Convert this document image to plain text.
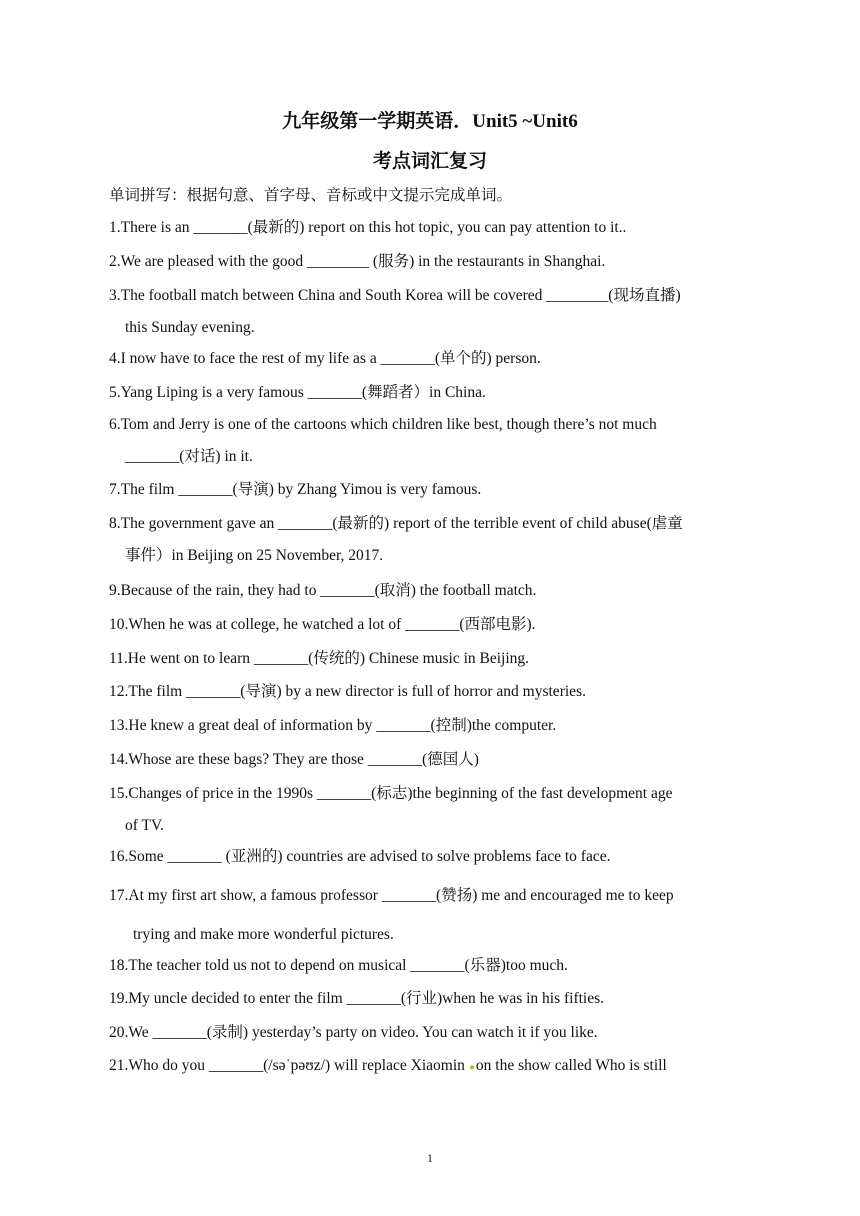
九年级第一学期英语．Unit5 ~Unit6
考点词汇复习
单词拼写：根据句意、首字母、音标或中文提示完成单词。
1.There is an _______(最新的) report on this hot topic, you can pay attention to it..
2.We are pleased with the good ________ (服务) in the restaurants in Shanghai.
3.The football match between China and South Korea will be covered ________(现场直播)
this Sunday evening.
4.I now have to face the rest of my life as a _______(单个的) person.
5.Yang Liping is a very famous _______(舞蹈者）in China.
6.Tom and Jerry is one of the cartoons which children like best, though there’s not much
_______(对话) in it.
7.The film _______(导演) by Zhang Yimou is very famous.
8.The government gave an _______(最新的) report of the terrible event of child abuse(虐童
事件）in Beijing on 25 November, 2017.
9.Because of the rain, they had to _______(取消) the football match.
10.When he was at college, he watched a lot of _______(西部电影).
11.He went on to learn _______(传统的) Chinese music in Beijing.
12.The film _______(导演) by a new director is full of horror and mysteries.
13.He knew a great deal of information by _______(控制)the computer.
14.Whose are these bags? They are those _______(德国人)
15.Changes of price in the 1990s _______(标志)the beginning of the fast development age
of TV.
16.Some _______ (亚洲的) countries are advised to solve problems face to face.
17.At my first art show, a famous professor _______(赞扬) me and encouraged me to keep
trying and make more wonderful pictures.
18.The teacher told us not to depend on musical _______(乐器)too much.
19.My uncle decided to enter the film _______(行业)when he was in his fifties.
20.We _______(录制) yesterday’s party on video. You can watch it if you like.
21.Who do you _______(/səˈpəʊz/) will replace Xiaomin ●on the show called Who is still
1
